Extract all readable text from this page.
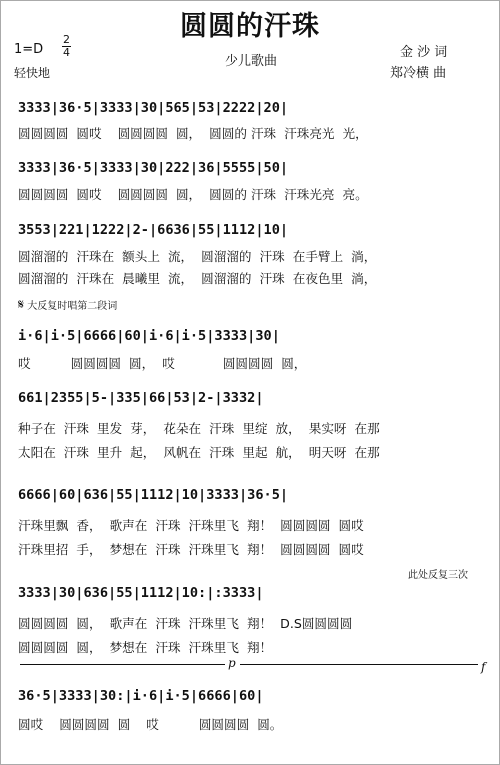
圆圆的汗珠
1=D
2
4
轻快地
少儿歌曲
金 沙 词
郑冷横 曲
3333|36·5|3333|30|565|53|2222|20|
圆圆圆圆  圆哎    圆圆圆圆  圆，  圆圆的 汗珠  汗珠亮光  光，
3333|36·5|3333|30|222|36|5555|50|
圆圆圆圆  圆哎    圆圆圆圆  圆，  圆圆的 汗珠  汗珠光亮  亮。
3553|221|1222|2-|6636|55|1112|10|
圆溜溜的  汗珠在  额头上  流，  圆溜溜的  汗珠  在手臂上  淌，
圆溜溜的  汗珠在  晨曦里  流，  圆溜溜的  汗珠  在夜色里  淌，
𝄋 大反复时唱第二段词
i·6|i·5|6666|60|i·6|i·5|3333|30|
哎          圆圆圆圆  圆，  哎            圆圆圆圆  圆，
661|2355|5-|335|66|53|2-|3332|
种子在  汗珠  里发  芽，  花朵在  汗珠  里绽  放，  果实呀  在那
太阳在  汗珠  里升  起，  风帆在  汗珠  里起  航，  明天呀  在那
6666|60|636|55|1112|10|3333|36·5|
汗珠里飘  香，  歌声在  汗珠  汗珠里飞  翔！  圆圆圆圆  圆哎
汗珠里招  手，  梦想在  汗珠  汗珠里飞  翔！  圆圆圆圆  圆哎
此处反复三次
3333|30|636|55|1112|10:|:3333|
圆圆圆圆  圆，  歌声在  汗珠  汗珠里飞  翔！  D.S圆圆圆圆
圆圆圆圆  圆，  梦想在  汗珠  汗珠里飞  翔！
p	f
36·5|3333|30:|i·6|i·5|6666|60|
圆哎    圆圆圆圆  圆    哎          圆圆圆圆  圆。
